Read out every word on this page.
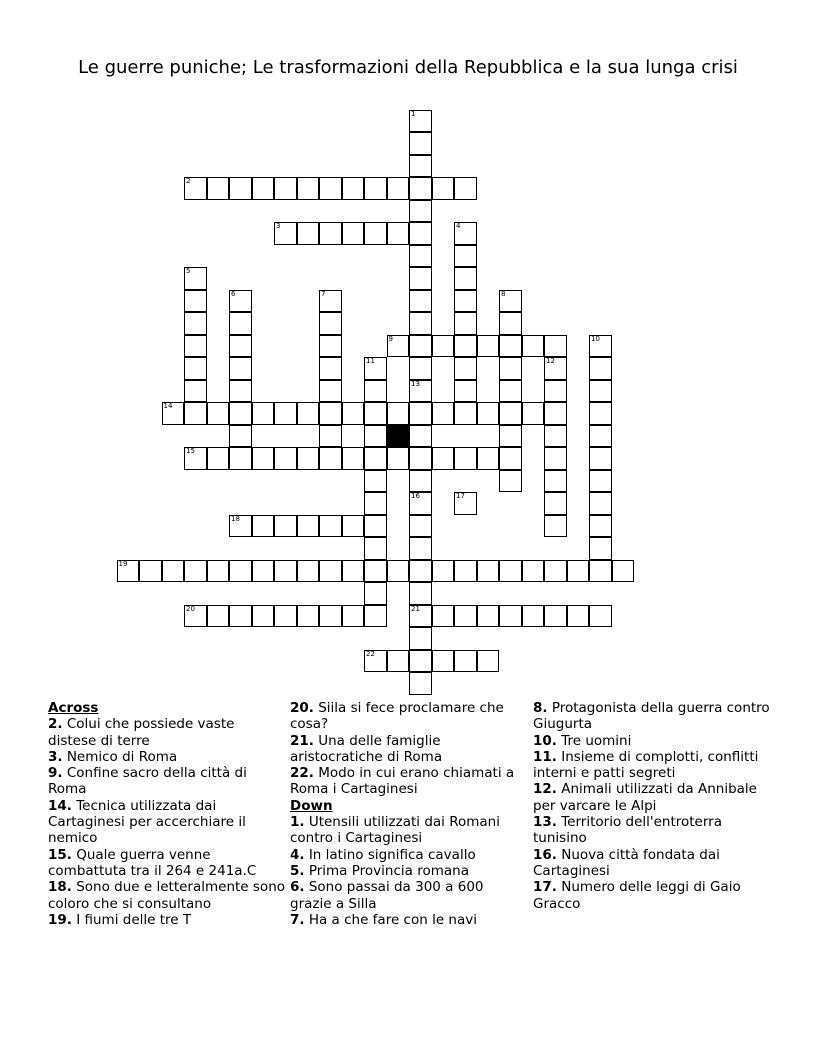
Le guerre puniche; Le trasformazioni della Repubblica e la sua lunga crisi
2
3
9
14
15
18
19
20	21
22
1
13
16
4
5
6	7	8
10
11	12
17
Across
2. Colui che possiede vaste distese di terre
3. Nemico di Roma
9. Confine sacro della città di Roma
14. Tecnica utilizzata dai Cartaginesi per accerchiare il nemico
15. Quale guerra venne combattuta tra il 264 e 241a.C
18. Sono due e letteralmente sono coloro che si consultano
19. I fiumi delle tre T
20. Siila si fece proclamare che cosa?
21. Una delle famiglie aristocratiche di Roma
22. Modo in cui erano chiamati a Roma i Cartaginesi
Down
1. Utensili utilizzati dai Romani contro i Cartaginesi
4. In latino significa cavallo
5. Prima Provincia romana
6. Sono passai da 300 a 600 grazie a Silla
7. Ha a che fare con le navi
8. Protagonista della guerra contro Giugurta
10. Tre uomini
11. Insieme di complotti, conflitti interni e patti segreti
12. Animali utilizzati da Annibale per varcare le Alpi
13. Territorio dell'entroterra tunisino
16. Nuova città fondata dai Cartaginesi
17. Numero delle leggi di Gaio Gracco
